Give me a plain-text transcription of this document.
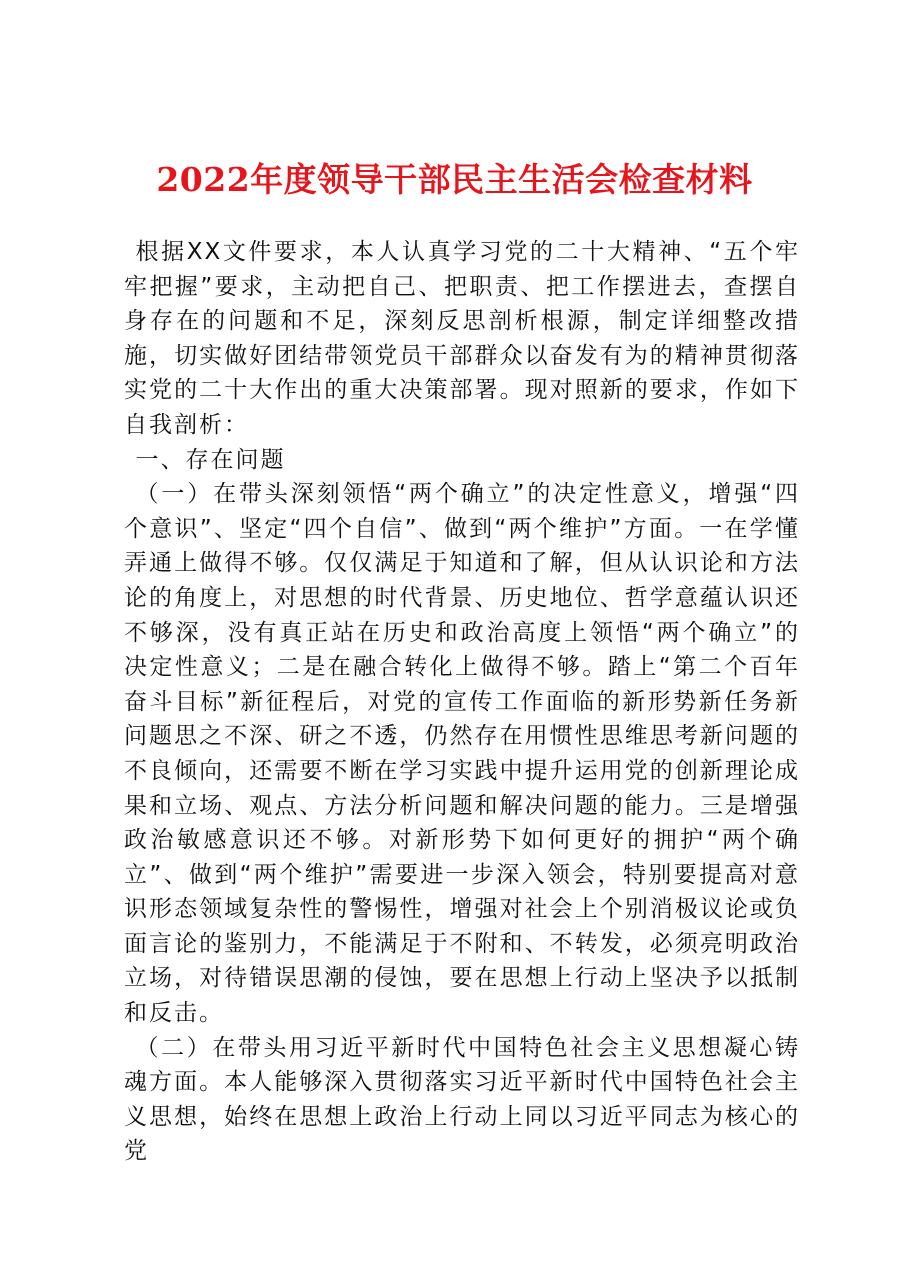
2022年度领导干部民主生活会检查材料

根据XX文件要求，本人认真学习党的二十大精神、“五个牢牢把握”要求，主动把自己、把职责、把工作摆进去，查摆自身存在的问题和不足，深刻反思剖析根源，制定详细整改措施，切实做好团结带领党员干部群众以奋发有为的精神贯彻落实党的二十大作出的重大决策部署。现对照新的要求，作如下自我剖析：

一、存在问题

（一）在带头深刻领悟“两个确立”的决定性意义，增强“四个意识”、坚定“四个自信”、做到“两个维护”方面。一在学懂弄通上做得不够。仅仅满足于知道和了解，但从认识论和方法论的角度上，对思想的时代背景、历史地位、哲学意蕴认识还不够深，没有真正站在历史和政治高度上领悟“两个确立”的决定性意义；二是在融合转化上做得不够。踏上“第二个百年奋斗目标”新征程后，对党的宣传工作面临的新形势新任务新问题思之不深、研之不透，仍然存在用惯性思维思考新问题的不良倾向，还需要不断在学习实践中提升运用党的创新理论成果和立场、观点、方法分析问题和解决问题的能力。三是增强政治敏感意识还不够。对新形势下如何更好的拥护“两个确立”、做到“两个维护”需要进一步深入领会，特别要提高对意识形态领域复杂性的警惕性，增强对社会上个别消极议论或负面言论的鉴别力，不能满足于不附和、不转发，必须亮明政治立场，对待错误思潮的侵蚀，要在思想上行动上坚决予以抵制和反击。

（二）在带头用习近平新时代中国特色社会主义思想凝心铸魂方面。本人能够深入贯彻落实习近平新时代中国特色社会主义思想，始终在思想上政治上行动上同以习近平同志为核心的党
